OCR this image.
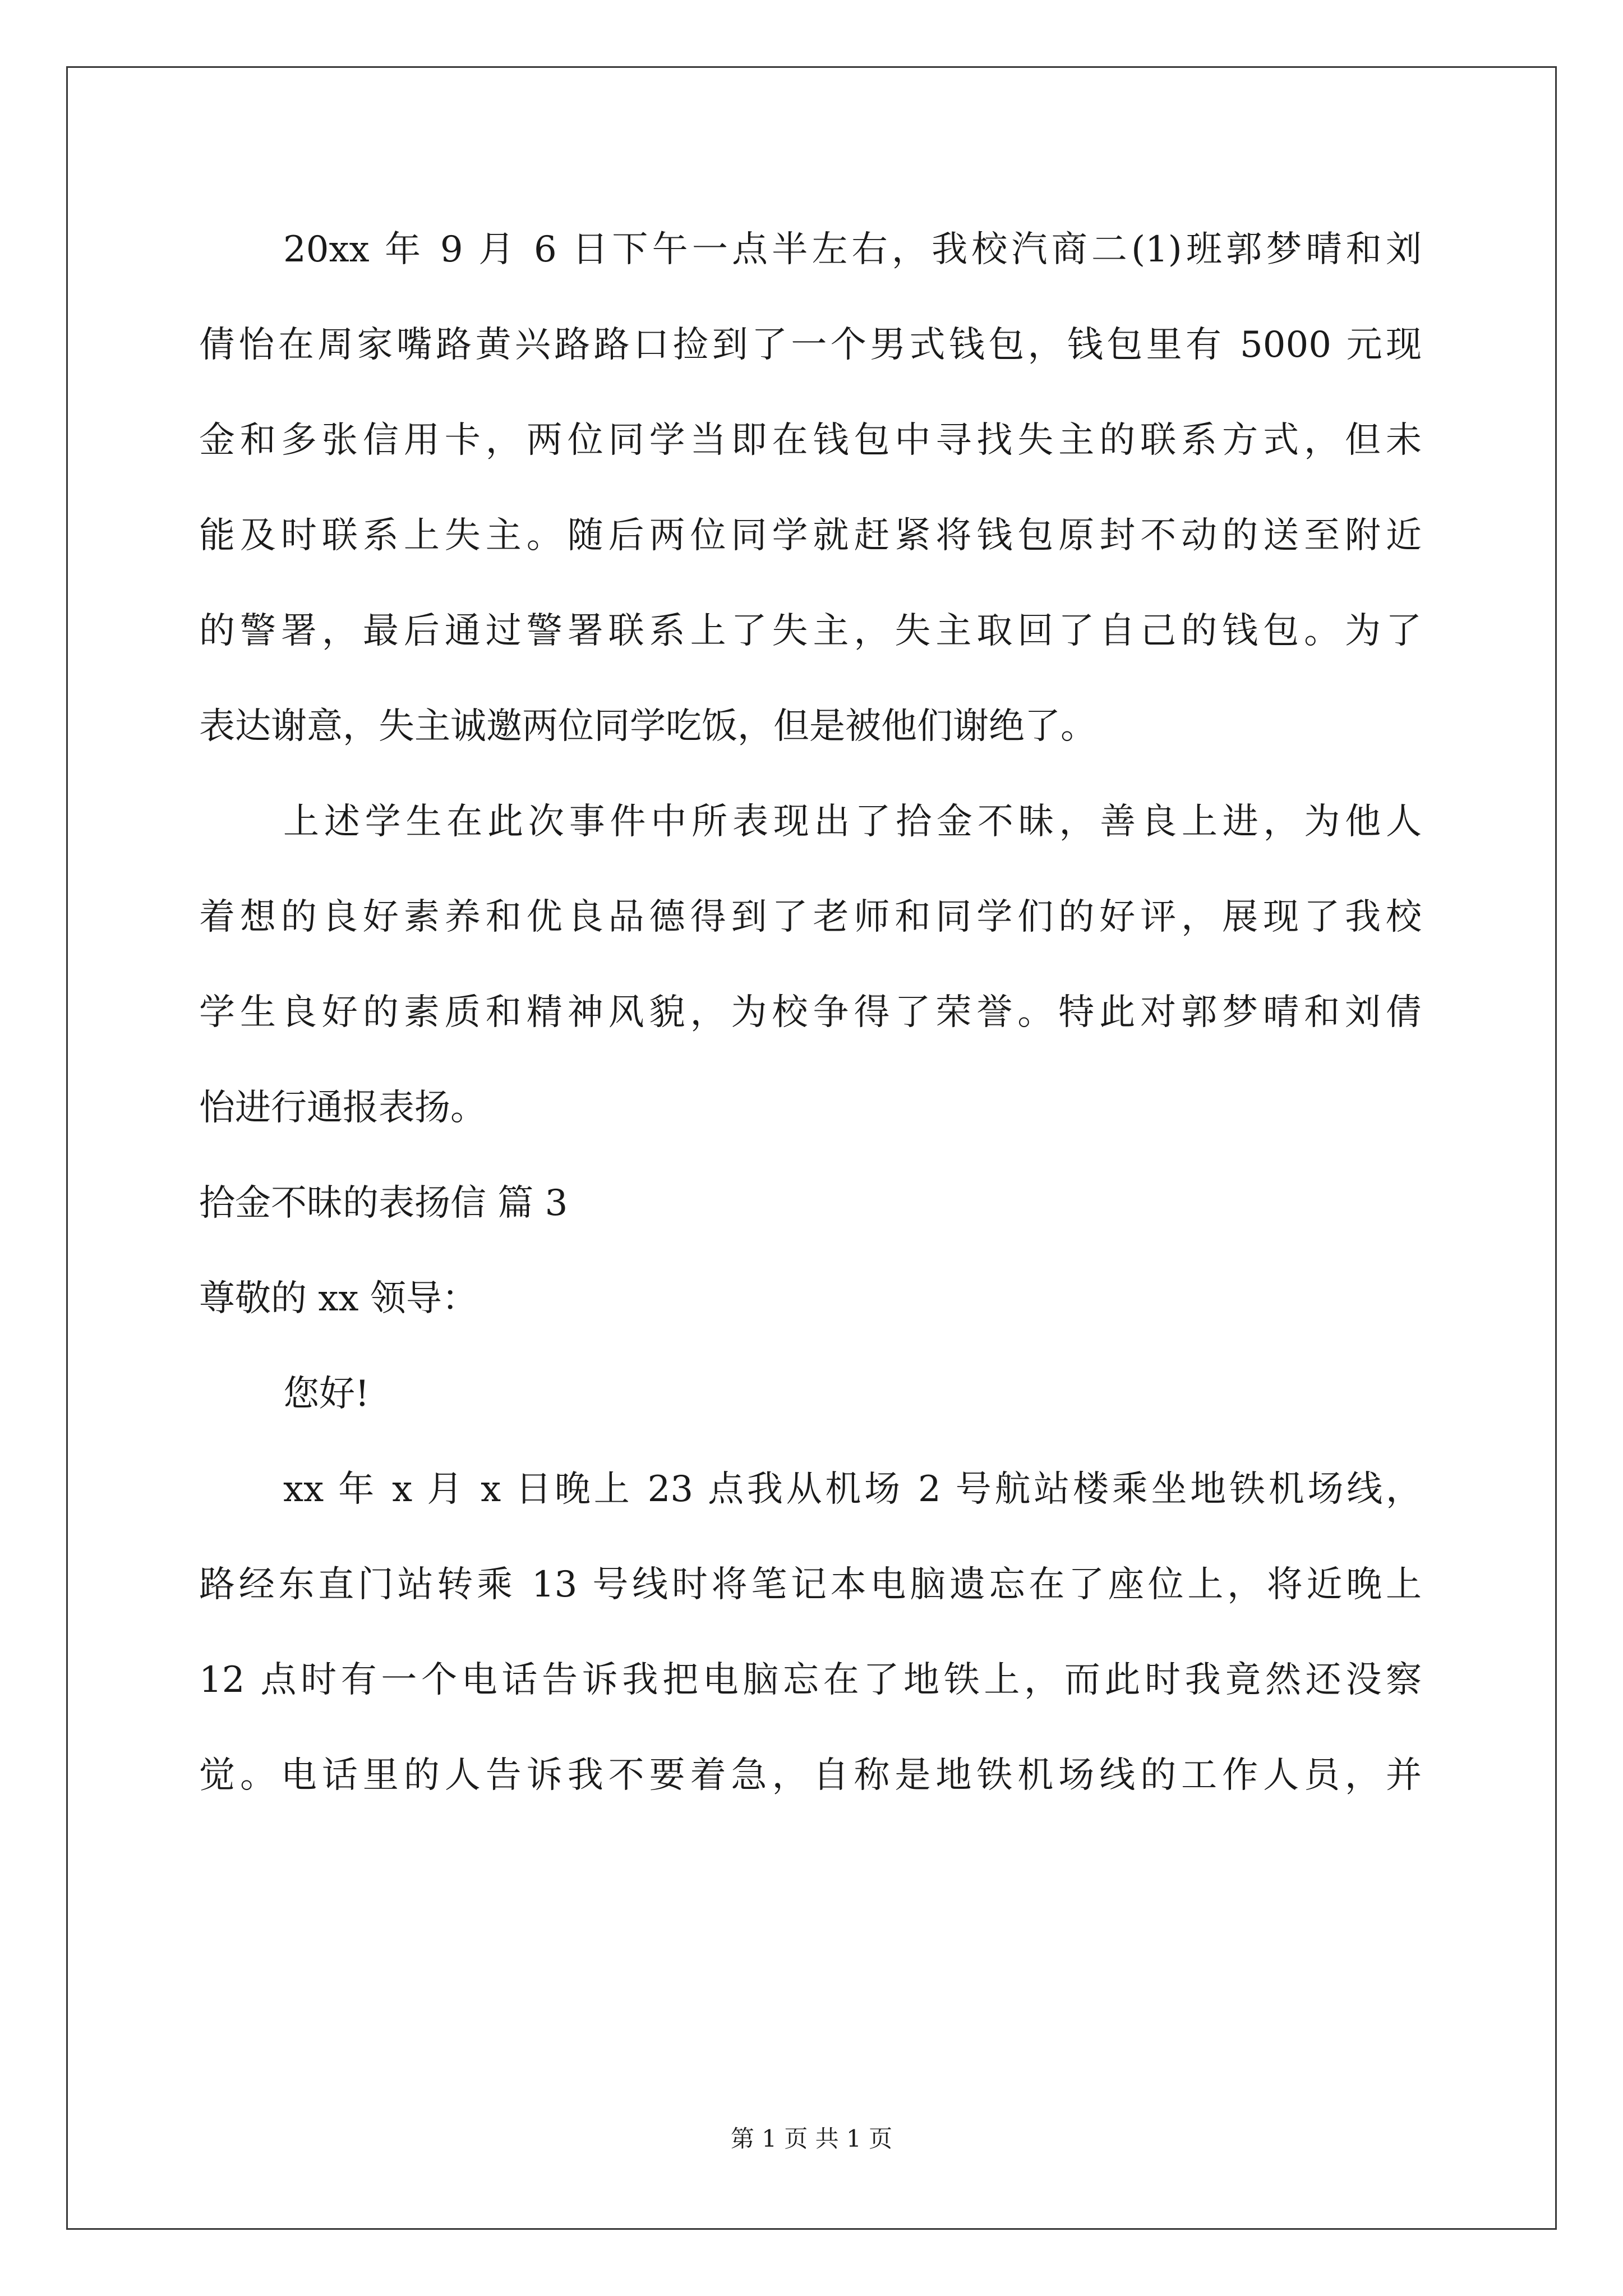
20xx 年 9 月 6 日下午一点半左右，我校汽商二(1)班郭梦晴和刘
倩怡在周家嘴路黄兴路路口捡到了一个男式钱包，钱包里有 5000 元现
金和多张信用卡，两位同学当即在钱包中寻找失主的联系方式，但未
能及时联系上失主。随后两位同学就赶紧将钱包原封不动的送至附近
的警署，最后通过警署联系上了失主，失主取回了自己的钱包。为了
表达谢意，失主诚邀两位同学吃饭，但是被他们谢绝了。
上述学生在此次事件中所表现出了拾金不昧，善良上进，为他人
着想的良好素养和优良品德得到了老师和同学们的好评，展现了我校
学生良好的素质和精神风貌，为校争得了荣誉。特此对郭梦晴和刘倩
怡进行通报表扬。
拾金不昧的表扬信 篇 3
尊敬的 xx 领导：
您好!
xx 年 x 月 x 日晚上 23 点我从机场 2 号航站楼乘坐地铁机场线，
路经东直门站转乘 13 号线时将笔记本电脑遗忘在了座位上，将近晚上
12 点时有一个电话告诉我把电脑忘在了地铁上，而此时我竟然还没察
觉。电话里的人告诉我不要着急，自称是地铁机场线的工作人员，并
第 1 页 共 1 页
